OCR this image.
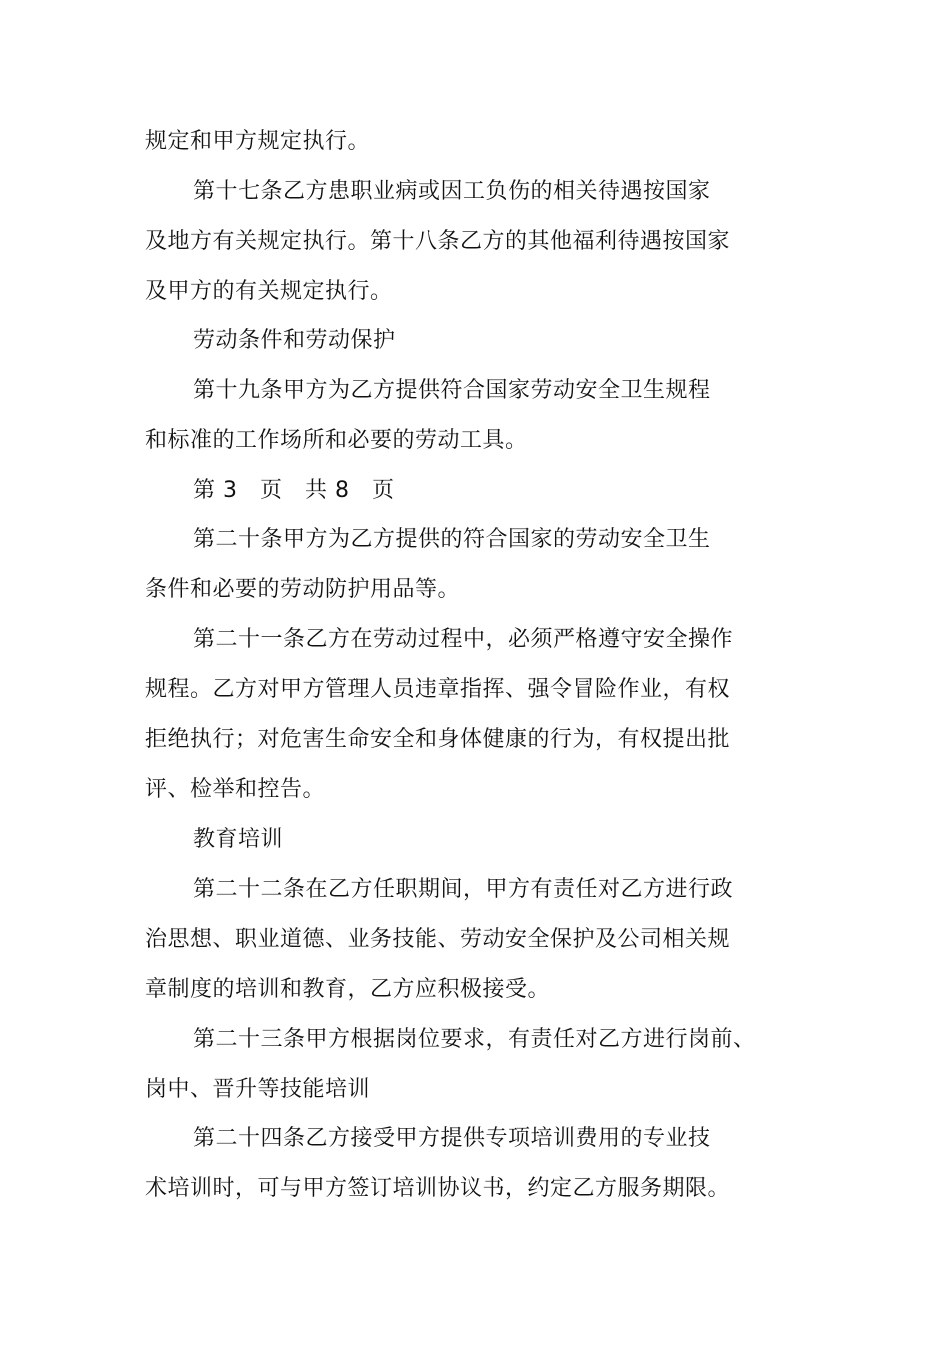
规定和甲方规定执行。
第十七条乙方患职业病或因工负伤的相关待遇按国家
及地方有关规定执行。第十八条乙方的其他福利待遇按国家
及甲方的有关规定执行。
劳动条件和劳动保护
第十九条甲方为乙方提供符合国家劳动安全卫生规程
和标准的工作场所和必要的劳动工具。
第 3　页　共 8　页
第二十条甲方为乙方提供的符合国家的劳动安全卫生
条件和必要的劳动防护用品等。
第二十一条乙方在劳动过程中，必须严格遵守安全操作
规程。乙方对甲方管理人员违章指挥、强令冒险作业，有权
拒绝执行；对危害生命安全和身体健康的行为，有权提出批
评、检举和控告。
教育培训
第二十二条在乙方任职期间，甲方有责任对乙方进行政
治思想、职业道德、业务技能、劳动安全保护及公司相关规
章制度的培训和教育，乙方应积极接受。
第二十三条甲方根据岗位要求，有责任对乙方进行岗前、
岗中、晋升等技能培训
第二十四条乙方接受甲方提供专项培训费用的专业技
术培训时，可与甲方签订培训协议书，约定乙方服务期限。
